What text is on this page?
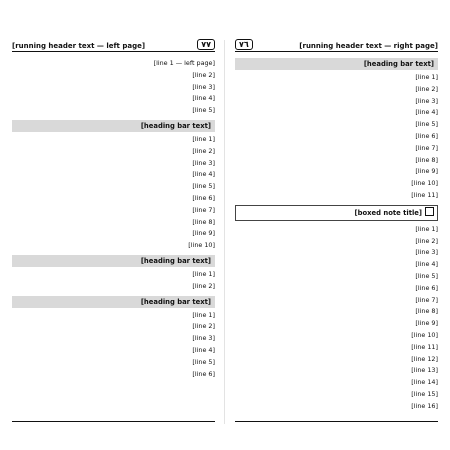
٧٧
[running header text — left page]

[line 1 — left page]

[line 2]

[line 3]

[line 4]

[line 5]

[heading bar text]

[line 1]

[line 2]

[line 3]

[line 4]

[line 5]

[line 6]

[line 7]

[line 8]

[line 9]

[line 10]

[heading bar text]

[line 1]

[line 2]

[heading bar text]

[line 1]

[line 2]

[line 3]

[line 4]

[line 5]

[line 6]

[running header text — right page]
٧٦
[heading bar text]

[line 1]

[line 2]

[line 3]

[line 4]

[line 5]

[line 6]

[line 7]

[line 8]

[line 9]

[line 10]

[line 11]

[boxed note title]

[line 1]

[line 2]

[line 3]

[line 4]

[line 5]

[line 6]

[line 7]

[line 8]

[line 9]

[line 10]

[line 11]

[line 12]

[line 13]

[line 14]

[line 15]

[line 16]
